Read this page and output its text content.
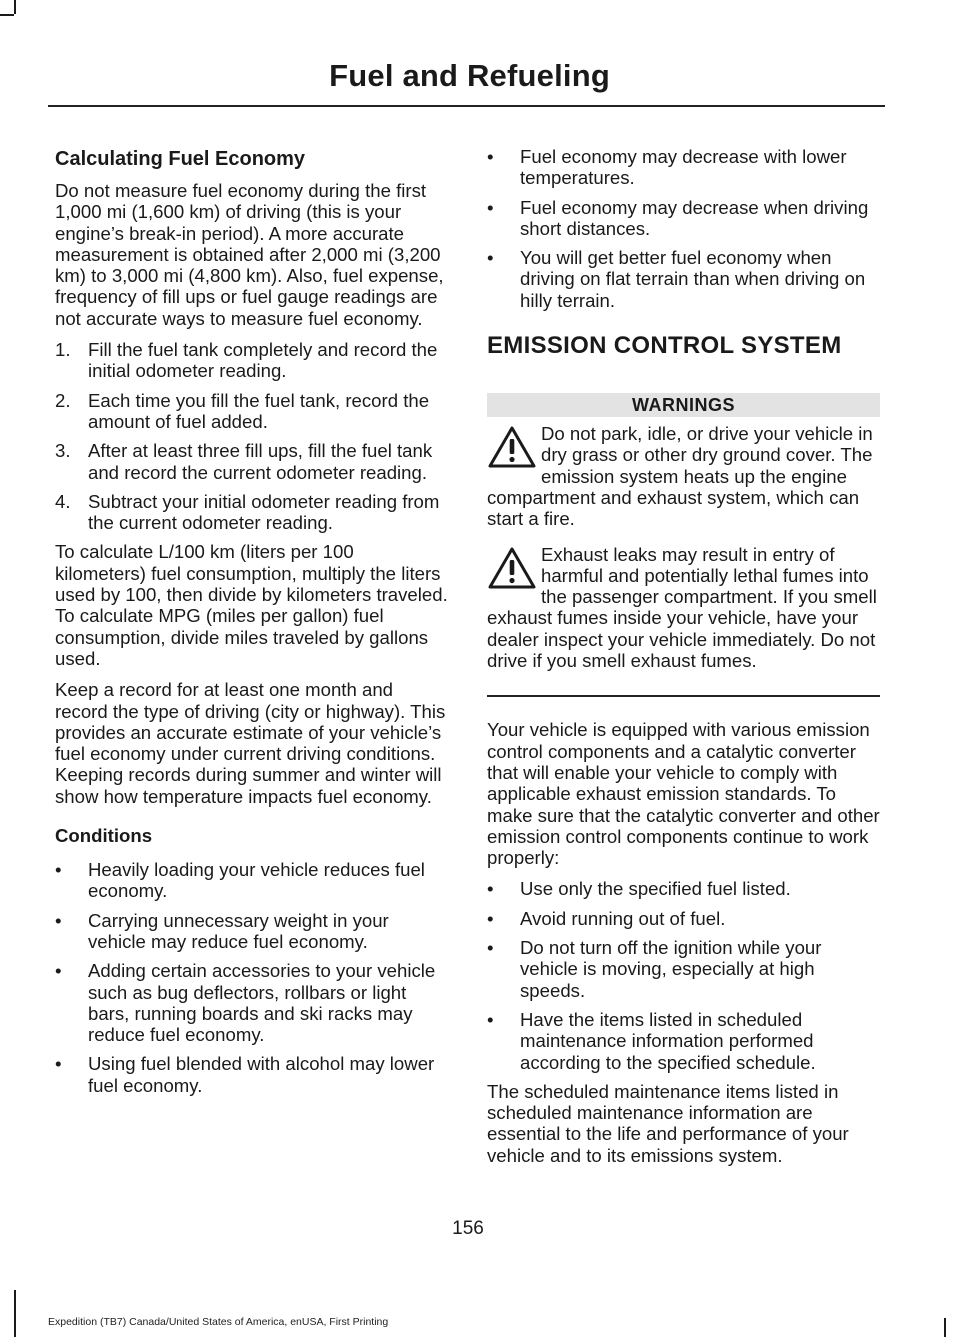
Fuel and Refueling
Calculating Fuel Economy

Do not measure fuel economy during the first 1,000 mi (1,600 km) of driving (this is your engine’s break-in period). A more accurate measurement is obtained after 2,000 mi (3,200 km) to 3,000 mi (4,800 km). Also, fuel expense, frequency of fill ups or fuel gauge readings are not accurate ways to measure fuel economy.

1. Fill the fuel tank completely and record the initial odometer reading.
2. Each time you fill the fuel tank, record the amount of fuel added.
3. After at least three fill ups, fill the fuel tank and record the current odometer reading.
4. Subtract your initial odometer reading from the current odometer reading.

To calculate L/100 km (liters per 100 kilometers) fuel consumption, multiply the liters used by 100, then divide by kilometers traveled. To calculate MPG (miles per gallon) fuel consumption, divide miles traveled by gallons used.

Keep a record for at least one month and record the type of driving (city or highway). This provides an accurate estimate of your vehicle’s fuel economy under current driving conditions. Keeping records during summer and winter will show how temperature impacts fuel economy.

Conditions
• Heavily loading your vehicle reduces fuel economy.
• Carrying unnecessary weight in your vehicle may reduce fuel economy.
• Adding certain accessories to your vehicle such as bug deflectors, rollbars or light bars, running boards and ski racks may reduce fuel economy.
• Using fuel blended with alcohol may lower fuel economy.
• Fuel economy may decrease with lower temperatures.
• Fuel economy may decrease when driving short distances.
• You will get better fuel economy when driving on flat terrain than when driving on hilly terrain.
EMISSION CONTROL SYSTEM
WARNINGS
Do not park, idle, or drive your vehicle in dry grass or other dry ground cover. The emission system heats up the engine compartment and exhaust system, which can start a fire.
Exhaust leaks may result in entry of harmful and potentially lethal fumes into the passenger compartment. If you smell exhaust fumes inside your vehicle, have your dealer inspect your vehicle immediately. Do not drive if you smell exhaust fumes.

Your vehicle is equipped with various emission control components and a catalytic converter that will enable your vehicle to comply with applicable exhaust emission standards. To make sure that the catalytic converter and other emission control components continue to work properly:

• Use only the specified fuel listed.
• Avoid running out of fuel.
• Do not turn off the ignition while your vehicle is moving, especially at high speeds.
• Have the items listed in scheduled maintenance information performed according to the specified schedule.

The scheduled maintenance items listed in scheduled maintenance information are essential to the life and performance of your vehicle and to its emissions system.

156
Expedition (TB7) Canada/United States of America, enUSA, First Printing
